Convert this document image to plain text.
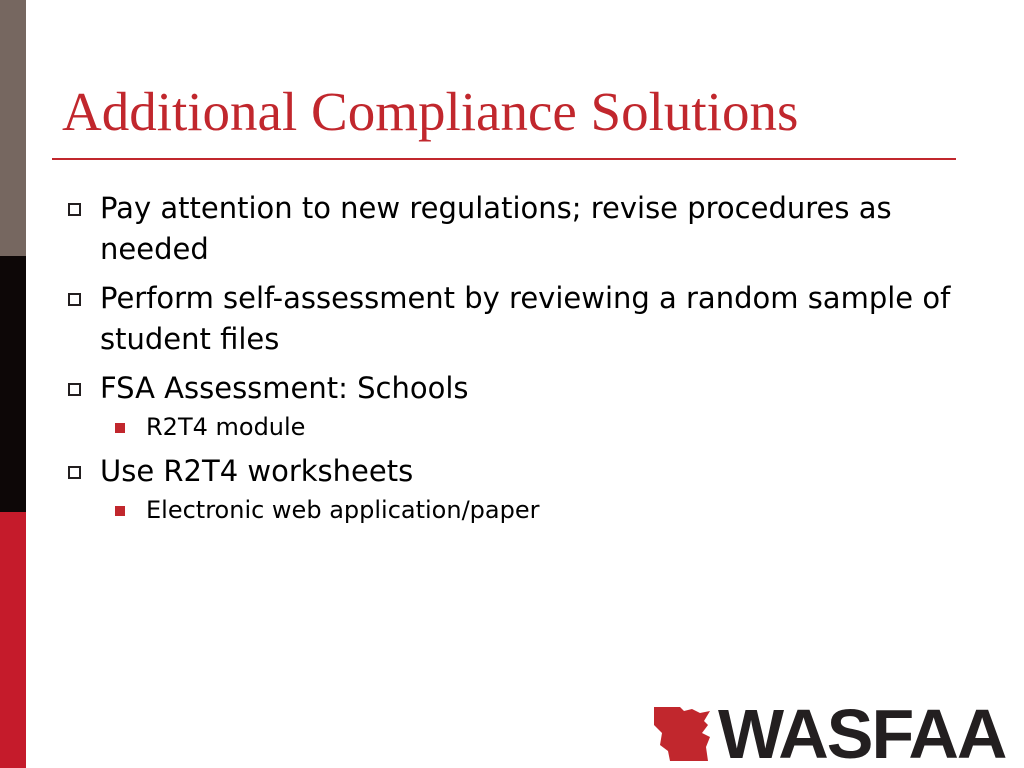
Additional Compliance Solutions
Pay attention to new regulations; revise procedures as needed
Perform self-assessment by reviewing a random sample of student files
FSA Assessment: Schools
R2T4 module
Use R2T4 worksheets
Electronic web application/paper
WASFAA
